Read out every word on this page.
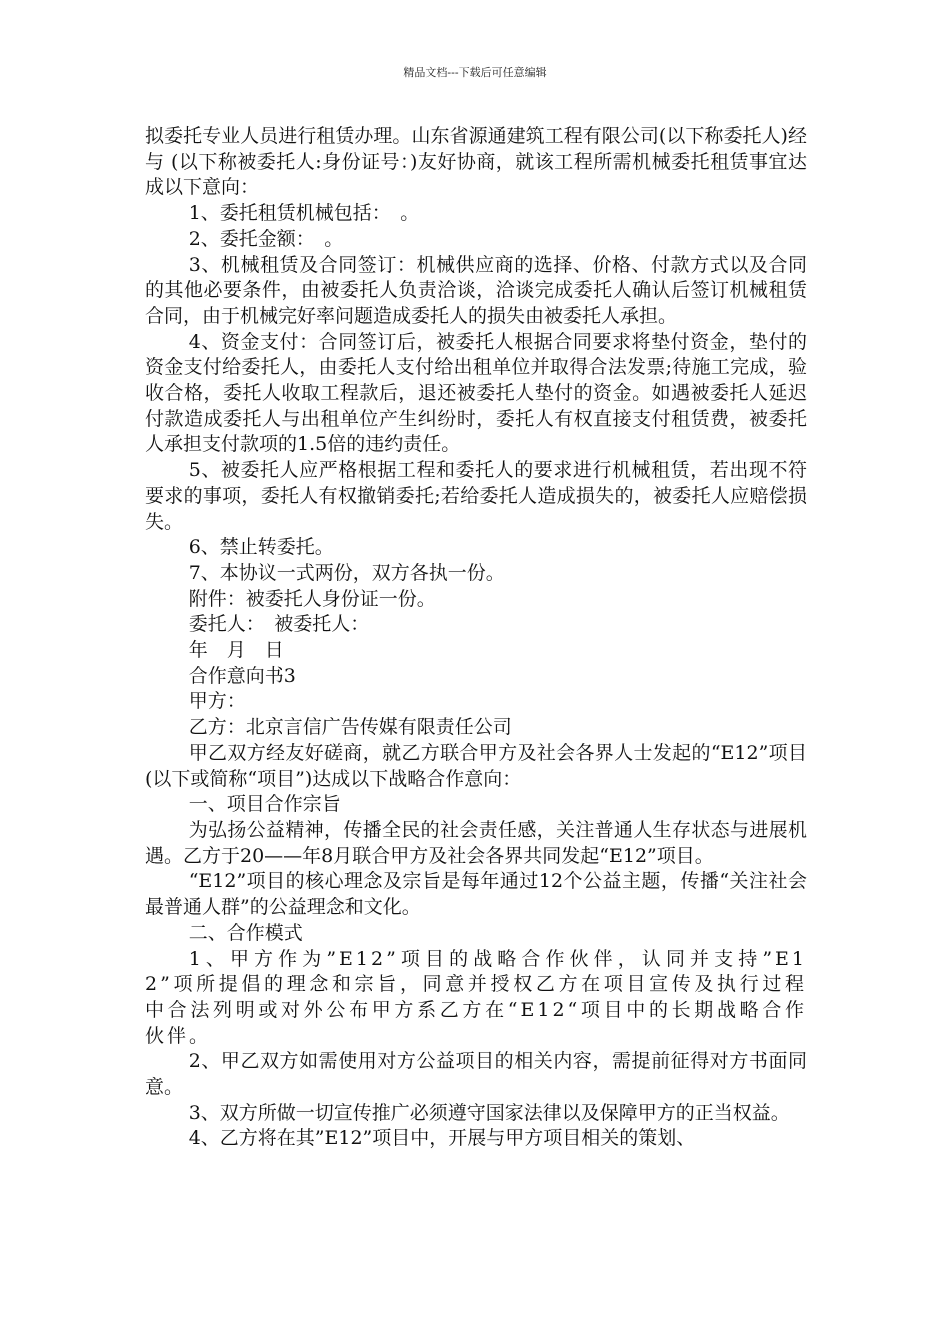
精品文档---下载后可任意编辑

拟委托专业人员进行租赁办理。山东省源通建筑工程有限公司(以下称委托人)经与 (以下称被委托人:身份证号：)友好协商，就该工程所需机械委托租赁事宜达成以下意向：

1、委托租赁机械包括：　。

2、委托金额：　。

3、机械租赁及合同签订：机械供应商的选择、价格、付款方式以及合同的其他必要条件，由被委托人负责洽谈，洽谈完成委托人确认后签订机械租赁合同，由于机械完好率问题造成委托人的损失由被委托人承担。

4、资金支付：合同签订后，被委托人根据合同要求将垫付资金，垫付的资金支付给委托人，由委托人支付给出租单位并取得合法发票;待施工完成，验收合格，委托人收取工程款后，退还被委托人垫付的资金。如遇被委托人延迟付款造成委托人与出租单位产生纠纷时，委托人有权直接支付租赁费，被委托人承担支付款项的1.5倍的违约责任。

5、被委托人应严格根据工程和委托人的要求进行机械租赁，若出现不符要求的事项，委托人有权撤销委托;若给委托人造成损失的，被委托人应赔偿损失。

6、禁止转委托。

7、本协议一式两份，双方各执一份。

附件：被委托人身份证一份。

委托人：　被委托人：

年　月　日

合作意向书3

甲方：

乙方：北京言信广告传媒有限责任公司

甲乙双方经友好磋商，就乙方联合甲方及社会各界人士发起的“E12”项目(以下或简称“项目”)达成以下战略合作意向：

一、项目合作宗旨

为弘扬公益精神，传播全民的社会责任感，关注普通人生存状态与进展机遇。乙方于20——年8月联合甲方及社会各界共同发起“E12”项目。

“E12”项目的核心理念及宗旨是每年通过12个公益主题，传播“关注社会最普通人群”的公益理念和文化。

二、合作模式

1、甲方作为”E12”项目的战略合作伙伴，认同并支持”E12”项所提倡的理念和宗旨，同意并授权乙方在项目宣传及执行过程中合法列明或对外公布甲方系乙方在“E12“项目中的长期战略合作伙伴。

2、甲乙双方如需使用对方公益项目的相关内容，需提前征得对方书面同意。

3、双方所做一切宣传推广必须遵守国家法律以及保障甲方的正当权益。

4、乙方将在其”E12”项目中，开展与甲方项目相关的策划、
